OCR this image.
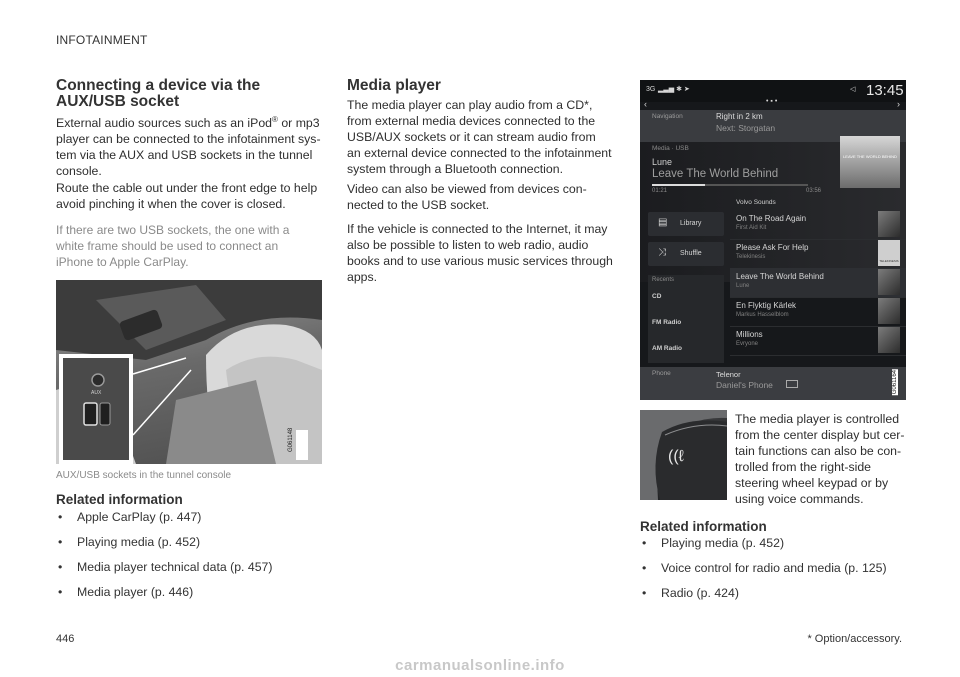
INFOTAINMENT
Connecting a device via the
AUX/USB socket
External audio sources such as an iPod® or mp3
player can be connected to the infotainment sys-
tem via the AUX and USB sockets in the tunnel
console.
Route the cable out under the front edge to help
avoid pinching it when the cover is closed.
If there are two USB sockets, the one with a
white frame should be used to connect an
iPhone to Apple CarPlay.
AUX
G061148
AUX/USB sockets in the tunnel console
Related information
• Apple CarPlay (p. 447)
• Playing media (p. 452)
• Media player technical data (p. 457)
• Media player (p. 446)
Media player
The media player can play audio from a CD*,
from external media devices connected to the
USB/AUX sockets or it can stream audio from
an external device connected to the infotainment
system through a Bluetooth connection.
Video can also be viewed from devices con-
nected to the USB socket.
If the vehicle is connected to the Internet, it may
also be possible to listen to web radio, audio
books and to use various music services through
apps.
3G ▂▃▅ ✱ ➤	◁ 13:45
‹	• ▪ •	›
Navigation	Right in 2 km
Next: Storgatan
Media · USB
Lune
Leave The World Behind
01:21	03:56
LEAVE THE WORLD BEHIND
Volvo Sounds
▤ Library
⤨ Shuffle
Recents
CD
FM Radio
AM Radio
On The Road Again
First Aid Kit
Please Ask For Help
Telekinesis
TELEKINESIS
Leave The World Behind
Lune
En Flyktig Kärlek
Markus Hasselblom
Millions
Evryone
Phone	Telenor
Daniel's Phone	G061164
((ℓ
The media player is controlled
from the center display but cer-
tain functions can also be con-
trolled from the right-side
steering wheel keypad or by
using voice commands.
Related information
• Playing media (p. 452)
• Voice control for radio and media (p. 125)
• Radio (p. 424)
446	* Option/accessory.
carmanualsonline.info
